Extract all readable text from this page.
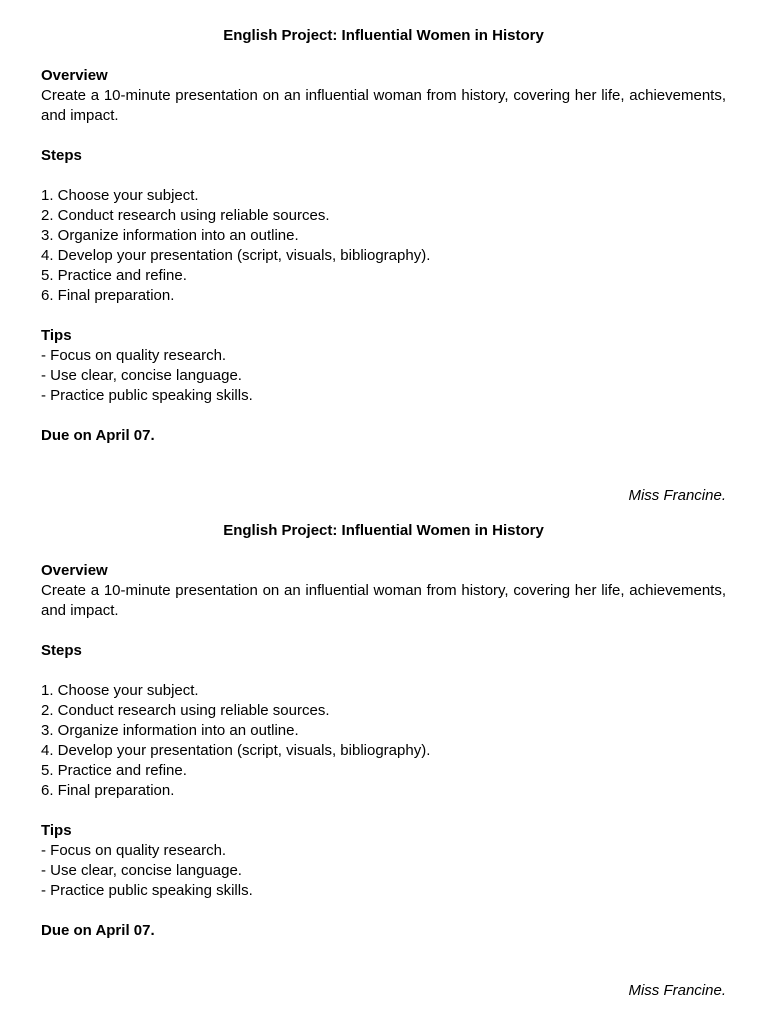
English Project: Influential Women in History

Overview

Create a 10-minute presentation on an influential woman from history, covering her life, achievements, and impact.

Steps

1. Choose your subject.

2. Conduct research using reliable sources.

3. Organize information into an outline.

4. Develop your presentation (script, visuals, bibliography).

5. Practice and refine.

6. Final preparation.

Tips

- Focus on quality research.

- Use clear, concise language.

- Practice public speaking skills.

Due on April 07.

Miss Francine.

English Project: Influential Women in History

Overview

Create a 10-minute presentation on an influential woman from history, covering her life, achievements, and impact.

Steps

1. Choose your subject.

2. Conduct research using reliable sources.

3. Organize information into an outline.

4. Develop your presentation (script, visuals, bibliography).

5. Practice and refine.

6. Final preparation.

Tips

- Focus on quality research.

- Use clear, concise language.

- Practice public speaking skills.

Due on April 07.

Miss Francine.
